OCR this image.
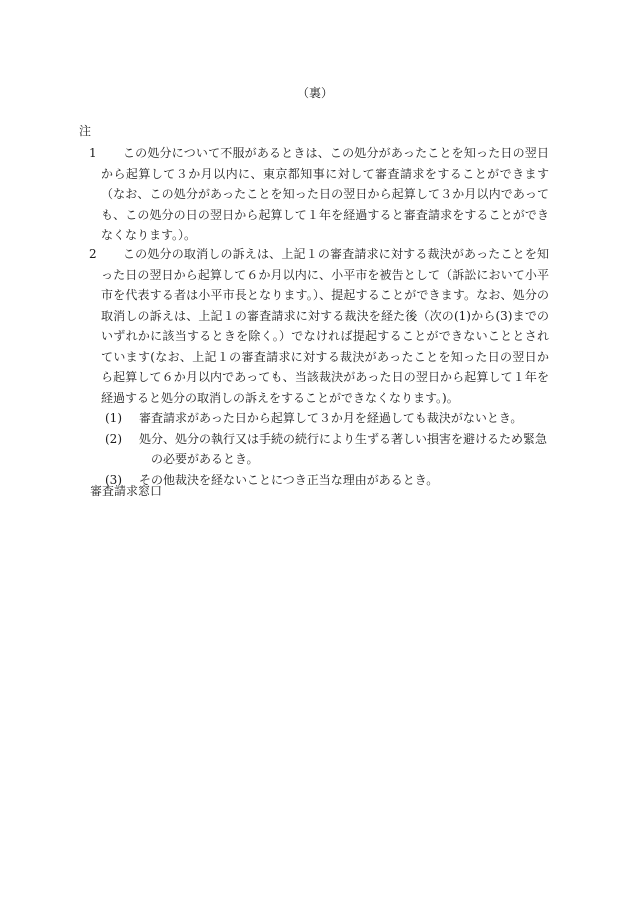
（裏）
注
1	この処分について不服があるときは、この処分があったことを知った日の翌日から起算して３か月以内に、東京都知事に対して審査請求をすることができます（なお、この処分があったことを知った日の翌日から起算して３か月以内であっても、この処分の日の翌日から起算して１年を経過すると審査請求をすることができなくなります。）。
2	この処分の取消しの訴えは、上記１の審査請求に対する裁決があったことを知った日の翌日から起算して６か月以内に、小平市を被告として（訴訟において小平市を代表する者は小平市長となります。）、提起することができます。なお、処分の取消しの訴えは、上記１の審査請求に対する裁決を経た後（次の(1)から(3)までのいずれかに該当するときを除く。）でなければ提起することができないこととされています(なお、上記１の審査請求に対する裁決があったことを知った日の翌日から起算して６か月以内であっても、当該裁決があった日の翌日から起算して１年を経過すると処分の取消しの訴えをすることができなくなります。)。
(1) 審査請求があった日から起算して３か月を経過しても裁決がないとき。
(2) 処分、処分の執行又は手続の続行により生ずる著しい損害を避けるため緊急の必要があるとき。
(3) その他裁決を経ないことにつき正当な理由があるとき。
審査請求窓口
